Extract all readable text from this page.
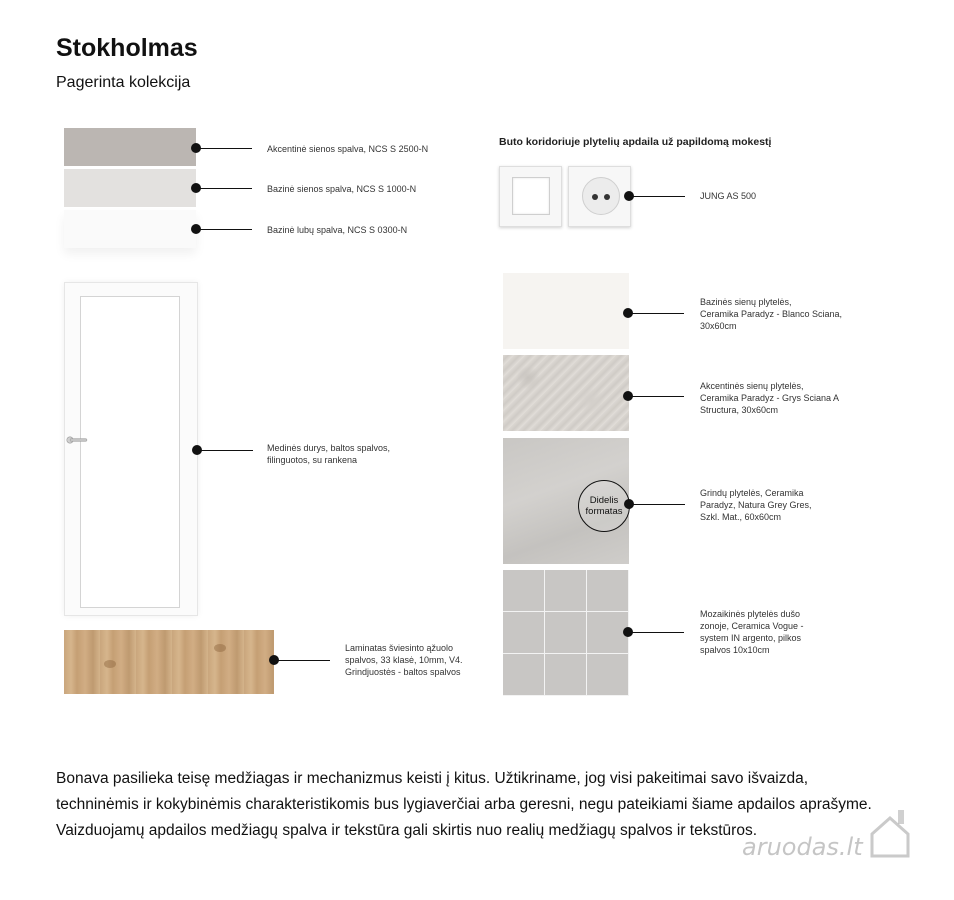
Stokholmas
Pagerinta kolekcija
Akcentinė sienos spalva, NCS S 2500-N
Bazinė sienos spalva, NCS S 1000-N
Bazinė lubų spalva, NCS S 0300-N
Medinės durys, baltos spalvos,
filinguotos, su rankena
Laminatas šviesinto ąžuolo
spalvos, 33 klasė, 10mm, V4.
Grindjuostės - baltos spalvos
Buto koridoriuje plytelių apdaila už papildomą mokestį
JUNG AS 500
Bazinės sienų plytelės,
Ceramika Paradyz - Blanco Sciana,
30x60cm
Akcentinės sienų plytelės,
Ceramika Paradyz - Grys Sciana A
Structura, 30x60cm
Didelis
formatas
Grindų plytelės, Ceramika
Paradyz, Natura Grey Gres,
Szkl. Mat., 60x60cm
Mozaikinės plytelės dušo
zonoje, Ceramica Vogue -
system IN argento, pilkos
spalvos 10x10cm
Bonava pasilieka teisę medžiagas ir mechanizmus keisti į kitus. Užtikriname, jog visi pakeitimai savo išvaizda, techninėmis ir kokybinėmis charakteristikomis bus lygiaverčiai arba geresni, negu pateikiami šiame apdailos aprašyme. Vaizduojamų apdailos medžiagų spalva ir tekstūra gali skirtis nuo realių medžiagų spalvos ir tekstūros.
aruodas.lt
